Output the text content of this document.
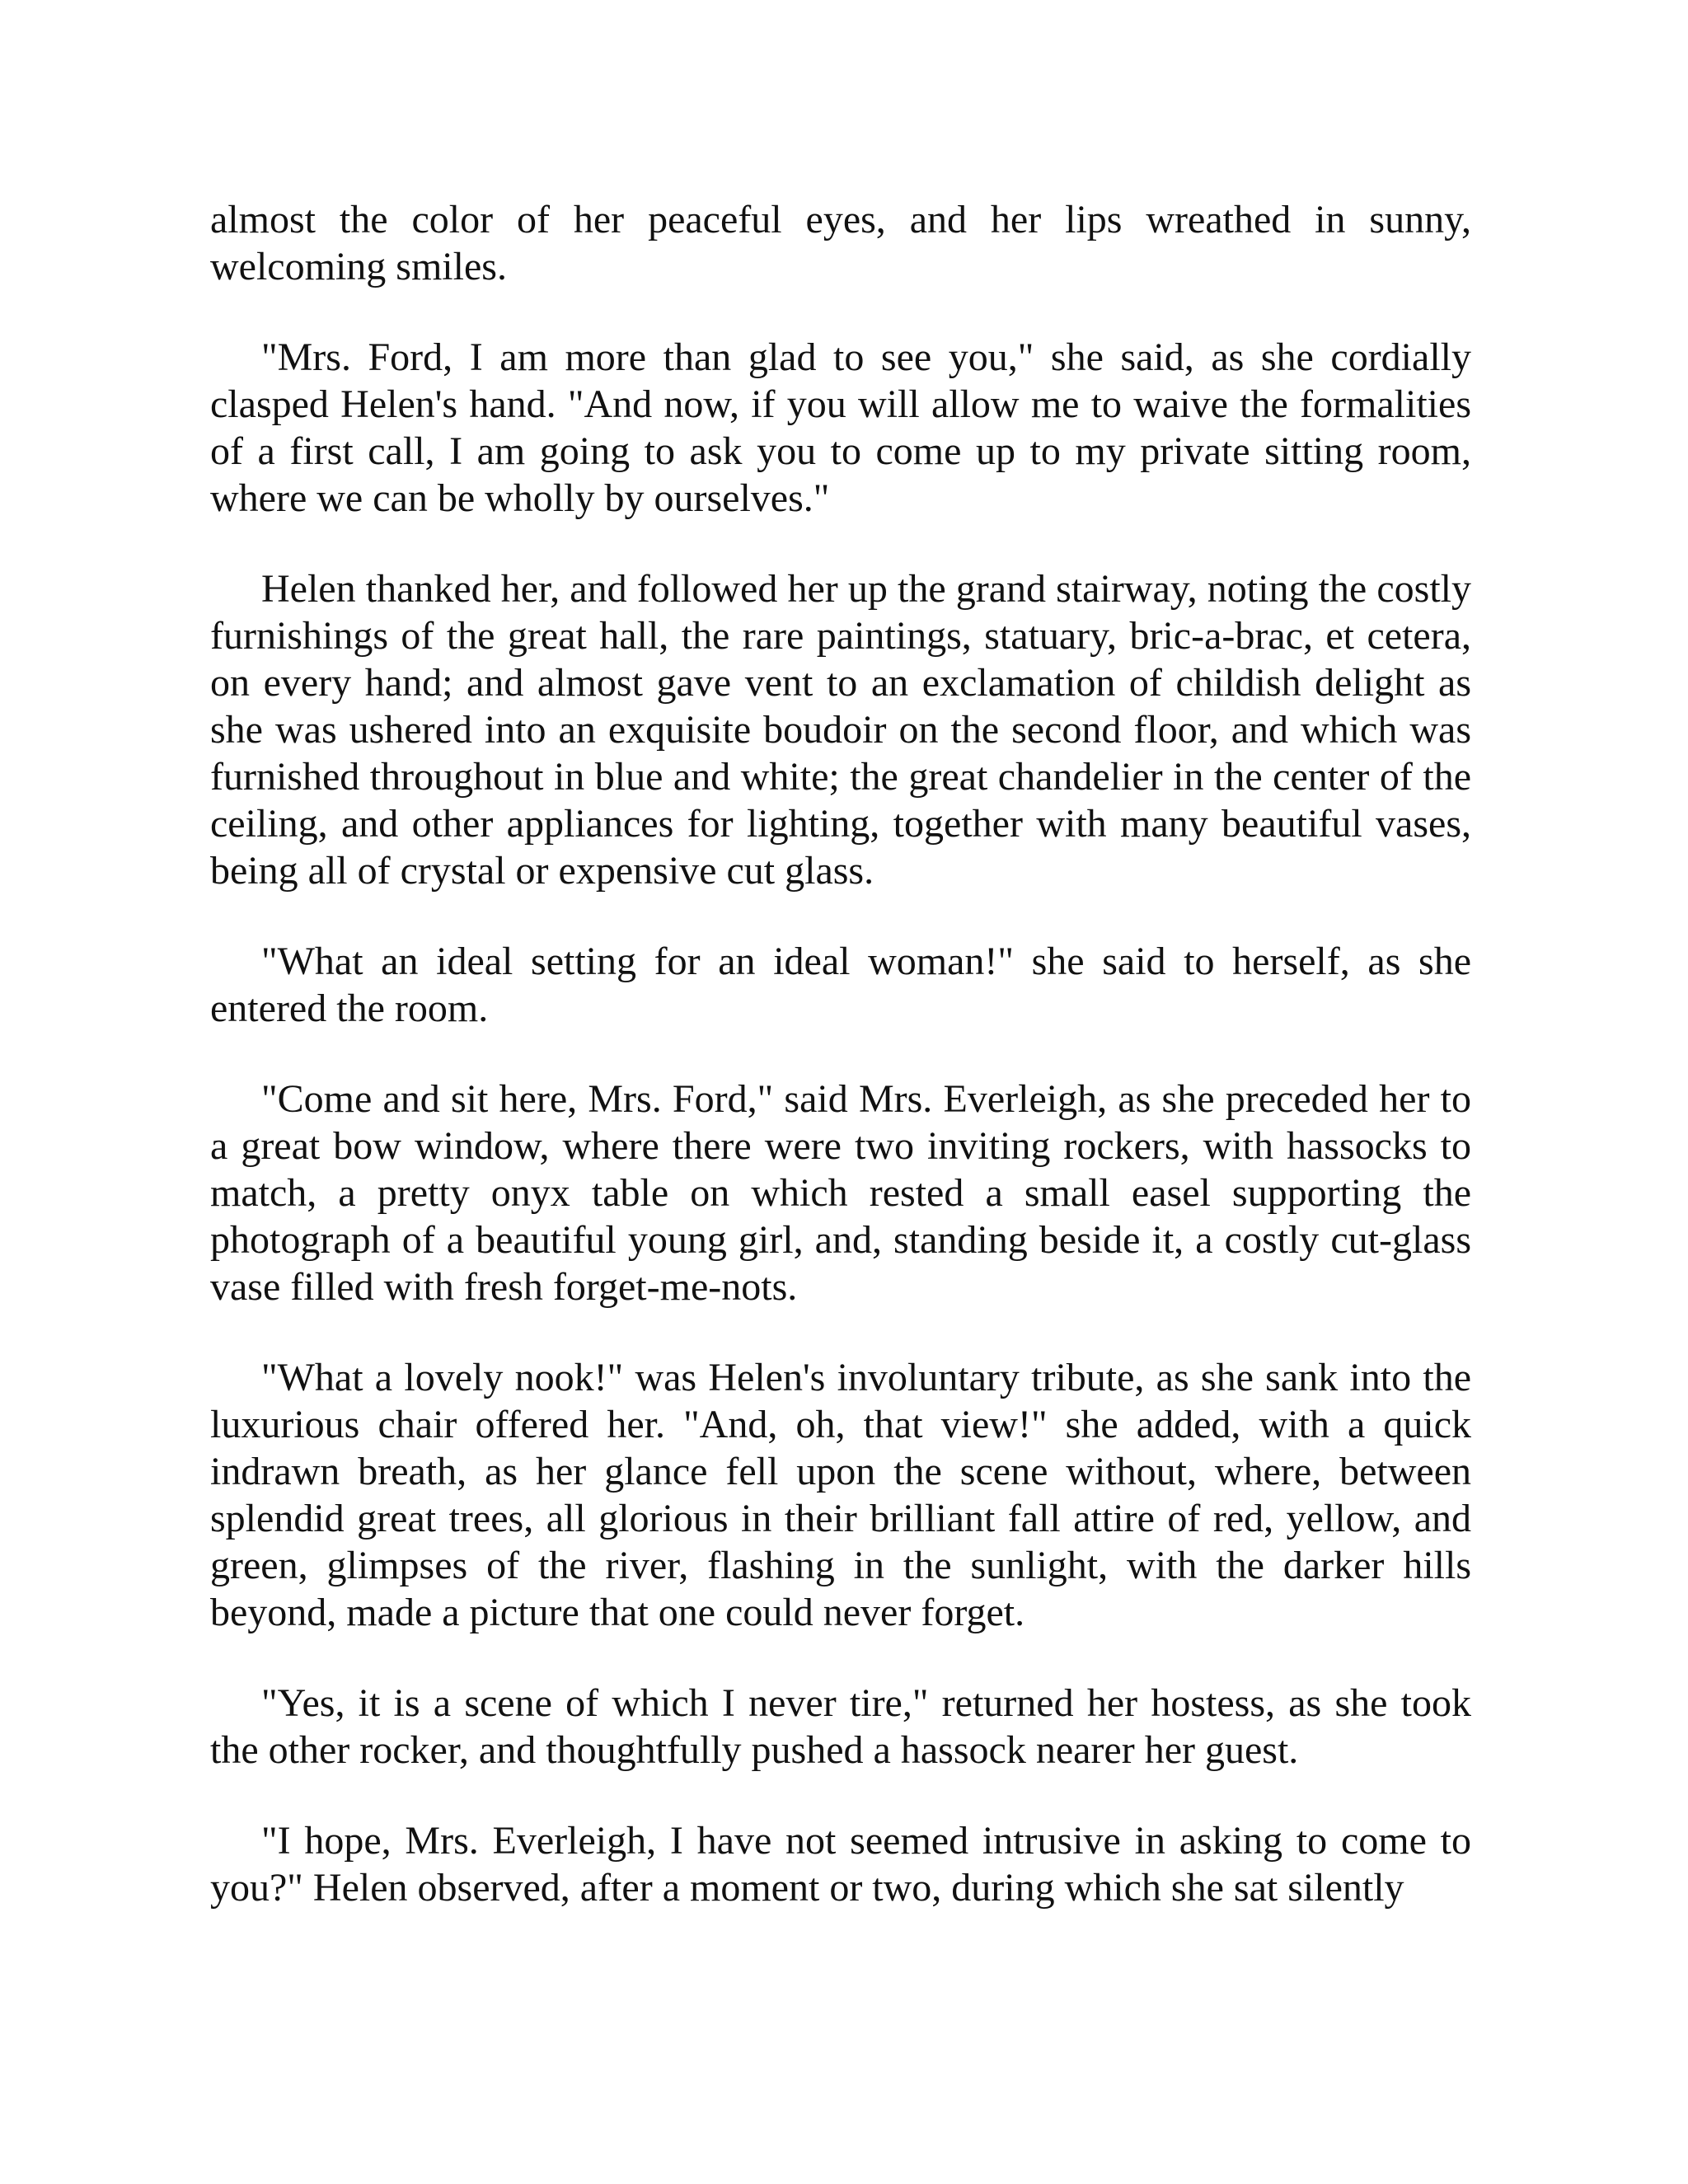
almost the color of her peaceful eyes, and her lips wreathed in sunny, welcoming smiles.

"Mrs. Ford, I am more than glad to see you," she said, as she cordially clasped Helen's hand. "And now, if you will allow me to waive the formalities of a first call, I am going to ask you to come up to my private sitting room, where we can be wholly by ourselves."

Helen thanked her, and followed her up the grand stairway, noting the costly furnishings of the great hall, the rare paintings, statuary, bric-a-brac, et cetera, on every hand; and almost gave vent to an exclamation of childish delight as she was ushered into an exquisite boudoir on the second floor, and which was furnished throughout in blue and white; the great chandelier in the center of the ceiling, and other appliances for lighting, together with many beautiful vases, being all of crystal or expensive cut glass.

"What an ideal setting for an ideal woman!" she said to herself, as she entered the room.

"Come and sit here, Mrs. Ford," said Mrs. Everleigh, as she preceded her to a great bow window, where there were two inviting rockers, with hassocks to match, a pretty onyx table on which rested a small easel supporting the photograph of a beautiful young girl, and, standing beside it, a costly cut-glass vase filled with fresh forget-me-nots.

"What a lovely nook!" was Helen's involuntary tribute, as she sank into the luxurious chair offered her. "And, oh, that view!" she added, with a quick indrawn breath, as her glance fell upon the scene without, where, between splendid great trees, all glorious in their brilliant fall attire of red, yellow, and green, glimpses of the river, flashing in the sunlight, with the darker hills beyond, made a picture that one could never forget.

"Yes, it is a scene of which I never tire," returned her hostess, as she took the other rocker, and thoughtfully pushed a hassock nearer her guest.

"I hope, Mrs. Everleigh, I have not seemed intrusive in asking to come to you?" Helen observed, after a moment or two, during which she sat silently
